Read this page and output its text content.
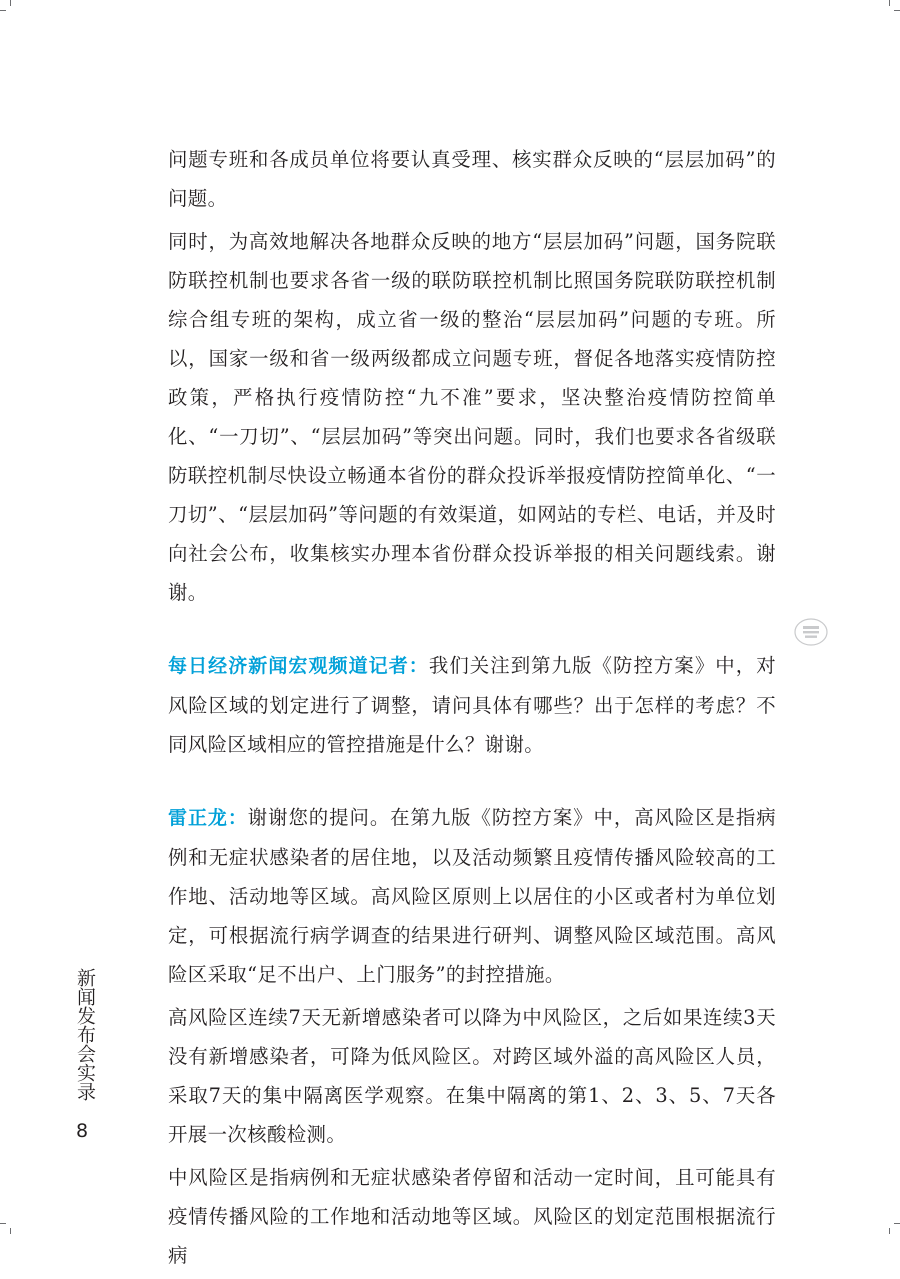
问题专班和各成员单位将要认真受理、核实群众反映的“层层加码”的问题。

同时，为高效地解决各地群众反映的地方“层层加码”问题，国务院联防联控机制也要求各省一级的联防联控机制比照国务院联防联控机制综合组专班的架构，成立省一级的整治“层层加码”问题的专班。所以，国家一级和省一级两级都成立问题专班，督促各地落实疫情防控政策，严格执行疫情防控“九不准”要求，坚决整治疫情防控简单化、“一刀切”、“层层加码”等突出问题。同时，我们也要求各省级联防联控机制尽快设立畅通本省份的群众投诉举报疫情防控简单化、“一刀切”、“层层加码”等问题的有效渠道，如网站的专栏、电话，并及时向社会公布，收集核实办理本省份群众投诉举报的相关问题线索。谢谢。

每日经济新闻宏观频道记者：我们关注到第九版《防控方案》中，对风险区域的划定进行了调整，请问具体有哪些？出于怎样的考虑？不同风险区域相应的管控措施是什么？谢谢。

雷正龙：谢谢您的提问。在第九版《防控方案》中，高风险区是指病例和无症状感染者的居住地，以及活动频繁且疫情传播风险较高的工作地、活动地等区域。高风险区原则上以居住的小区或者村为单位划定，可根据流行病学调查的结果进行研判、调整风险区域范围。高风险区采取“足不出户、上门服务”的封控措施。

高风险区连续7天无新增感染者可以降为中风险区，之后如果连续3天没有新增感染者，可降为低风险区。对跨区域外溢的高风险区人员，采取7天的集中隔离医学观察。在集中隔离的第1、2、3、5、7天各开展一次核酸检测。

中风险区是指病例和无症状感染者停留和活动一定时间，且可能具有疫情传播风险的工作地和活动地等区域。风险区的划定范围根据流行病

新闻发布会实录
8
